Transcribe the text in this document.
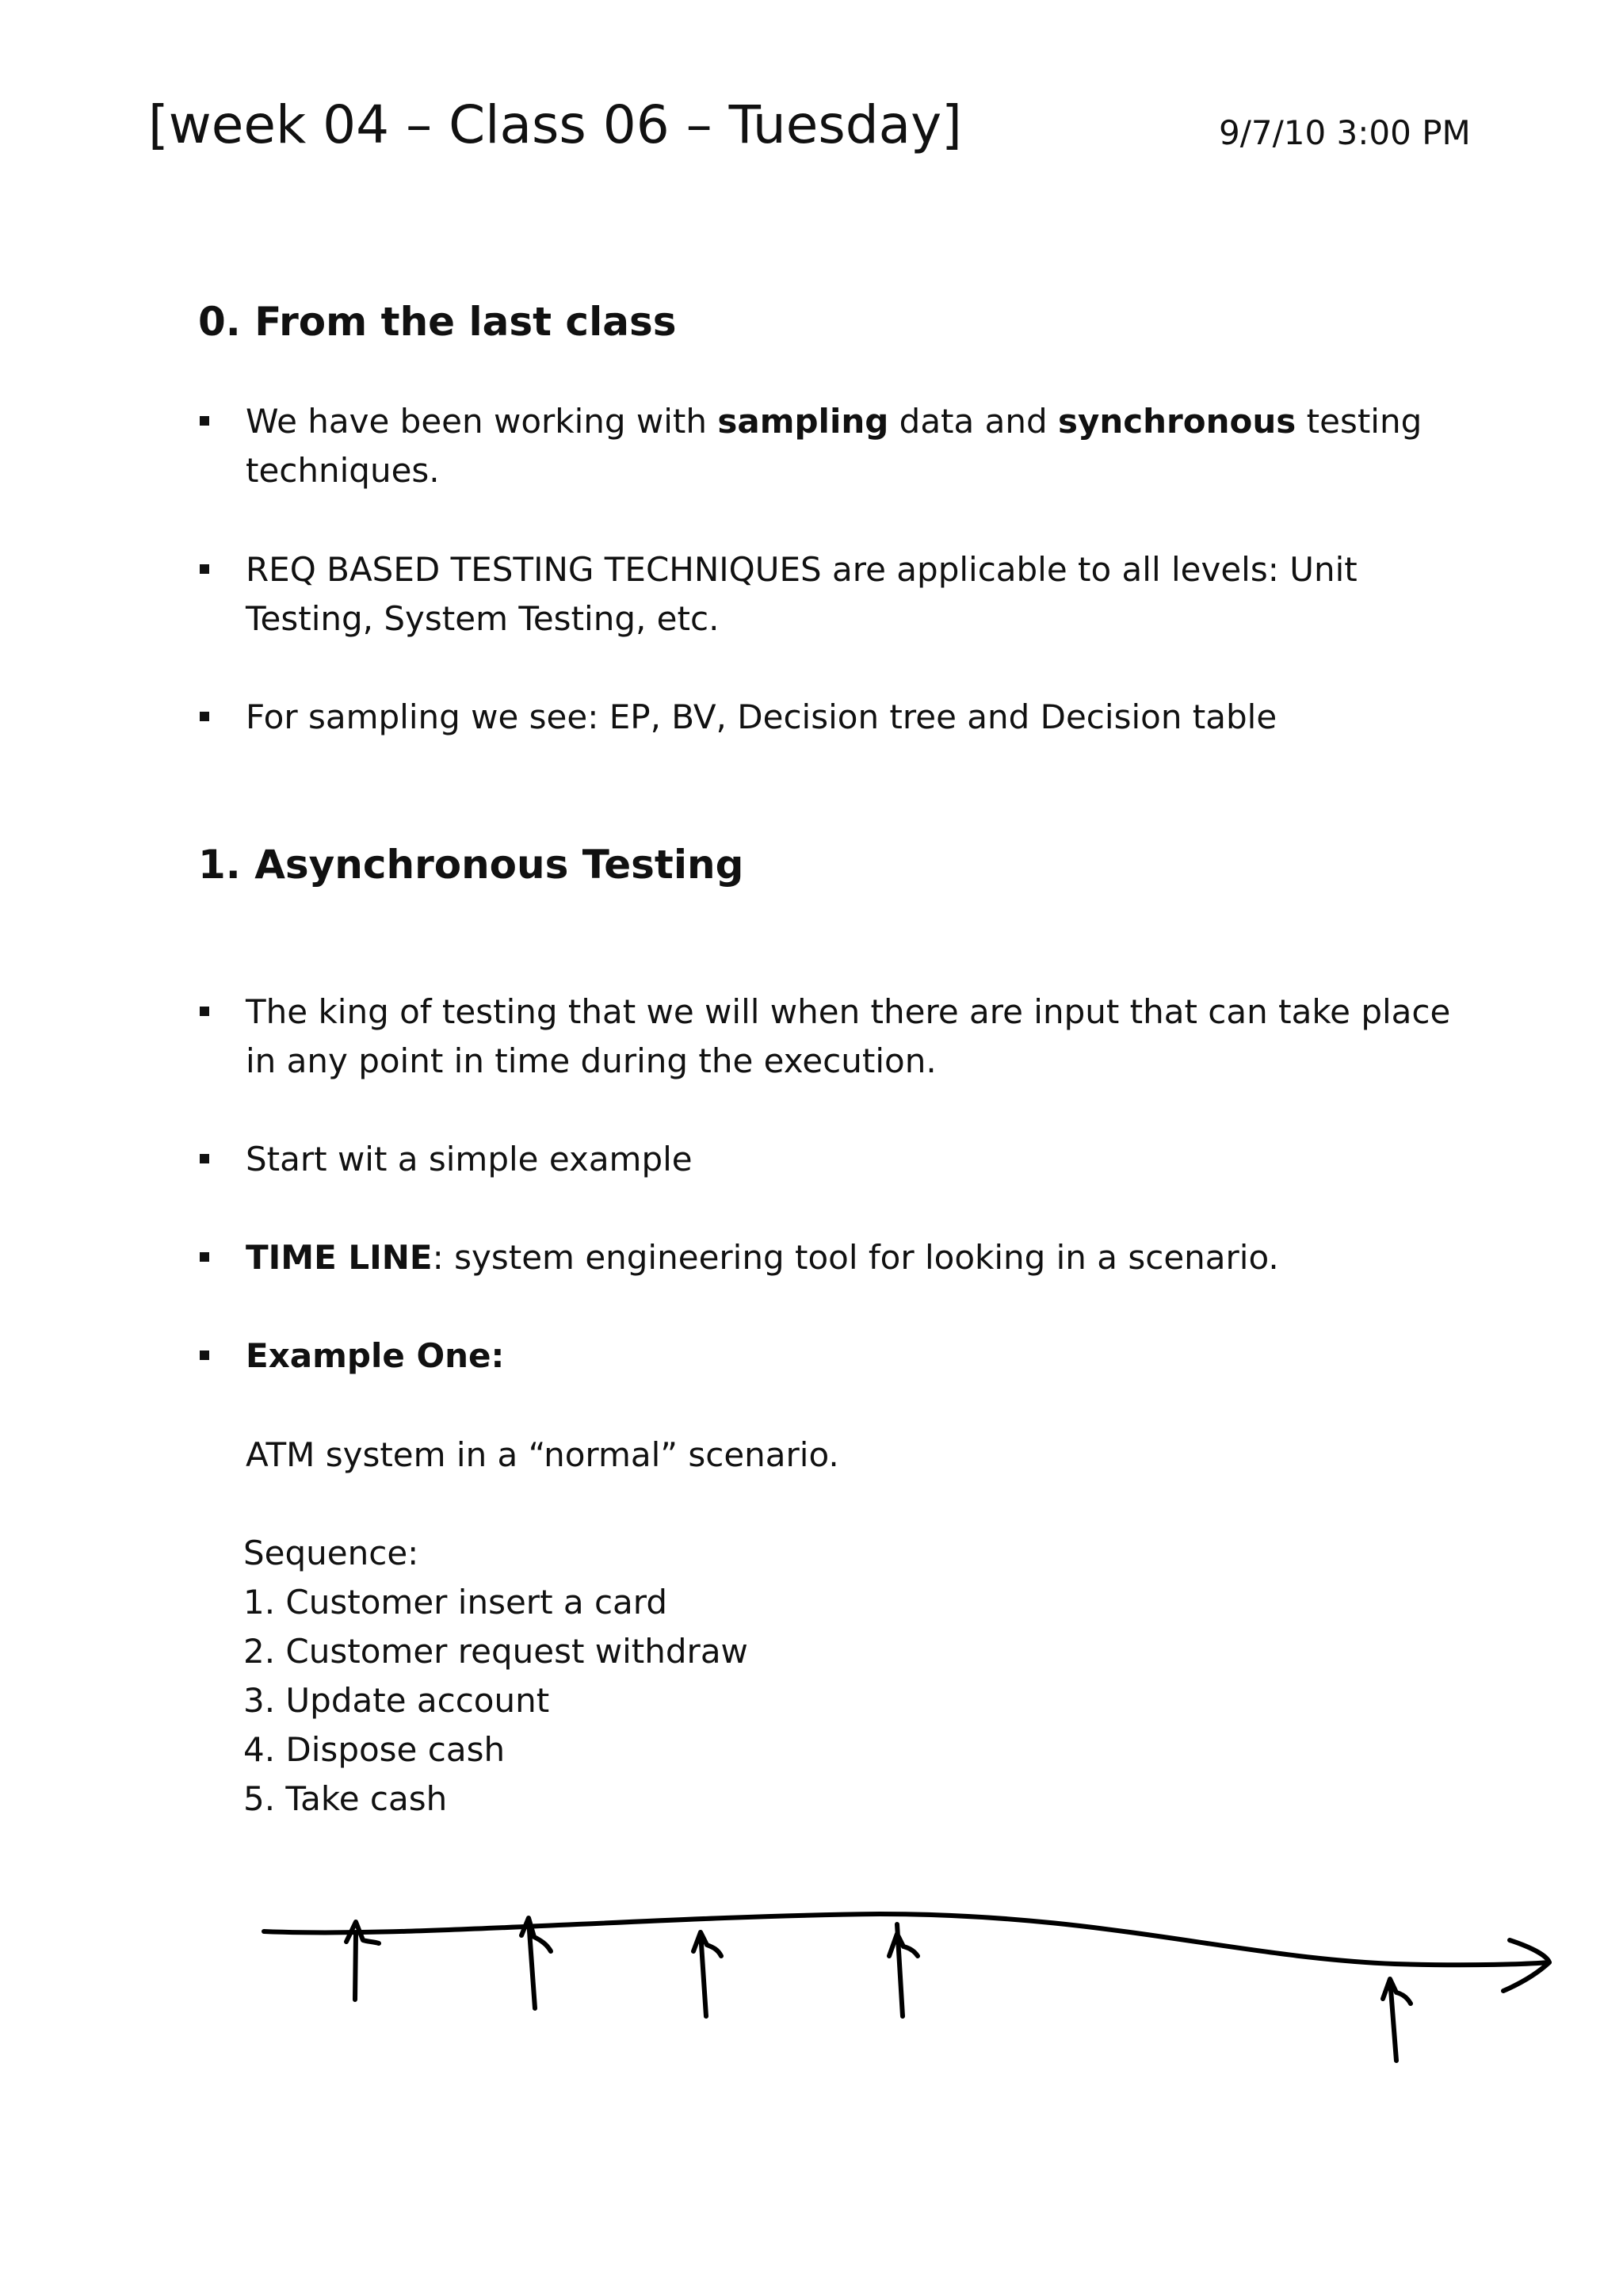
[week 04 – Class 06 – Tuesday]	9/7/10 3:00 PM
0. From the last class
We have been working with sampling data and synchronous testing techniques.
REQ BASED TESTING TECHNIQUES are applicable to all levels: Unit Testing, System Testing, etc.
For sampling we see: EP, BV, Decision tree and Decision table
1. Asynchronous Testing
The king of testing that we will when there are input that can take place in any point in time during the execution.
Start wit a simple example
TIME LINE: system engineering tool for looking in a scenario.
Example One:
ATM system in a “normal” scenario.
Sequence:
1. Customer insert a card
2. Customer request withdraw
3. Update account
4. Dispose cash
5. Take cash
